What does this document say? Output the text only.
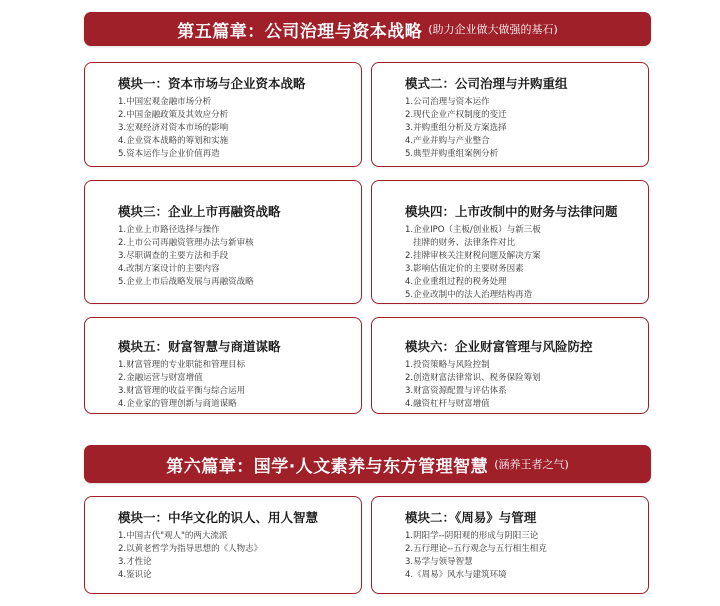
第五篇章：公司治理与资本战略 (助力企业做大做强的基石)
模块一：资本市场与企业资本战略
1.中国宏观金融市场分析
2.中国金融政策及其效应分析
3.宏观经济对资本市场的影响
4.企业资本战略的筹划和实施
5.资本运作与企业价值再造
模式二：公司治理与并购重组
1.公司治理与资本运作
2.现代企业产权制度的变迁
3.并购重组分析及方案选择
4.产业并购与产业整合
5.典型并购重组案例分析
模块三：企业上市再融资战略
1.企业上市路径选择与操作
2.上市公司再融资管理办法与新审核
3.尽职调查的主要方法和手段
4.改制方案设计的主要内容
5.企业上市后战略发展与再融资战略
模块四：上市改制中的财务与法律问题
1.企业IPO（主板/创业板）与新三板
挂牌的财务、法律条件对比
2.挂牌审核关注财税问题及解决方案
3.影响估值定价的主要财务因素
4.企业重组过程的税务处理
5.企业改制中的法人治理结构再造
模块五：财富智慧与商道谋略
1.财富管理的专业职能和管理目标
2.金融运营与财富增值
3.财富管理的收益平衡与综合运用
4.企业家的管理创新与商道谋略
模块六：企业财富管理与风险防控
1.投资策略与风险控制
2.创造财富法律常识、税务保险筹划
3.财富资源配置与评估体系
4.融资杠杆与财富增值
第六篇章：国学·人文素养与东方管理智慧 (涵养王者之气)
模块一：中华文化的识人、用人智慧
1.中国古代"观人"的两大流派
2.以黄老哲学为指导思想的《人物志》
3.才性论
4.鉴识论
模块二：《周易》与管理
1.阴阳学--阴阳观的形成与阴阳三论
2.五行理论--五行观念与五行相生相克
3.易学与领导智慧
4.《周易》风水与建筑环境
